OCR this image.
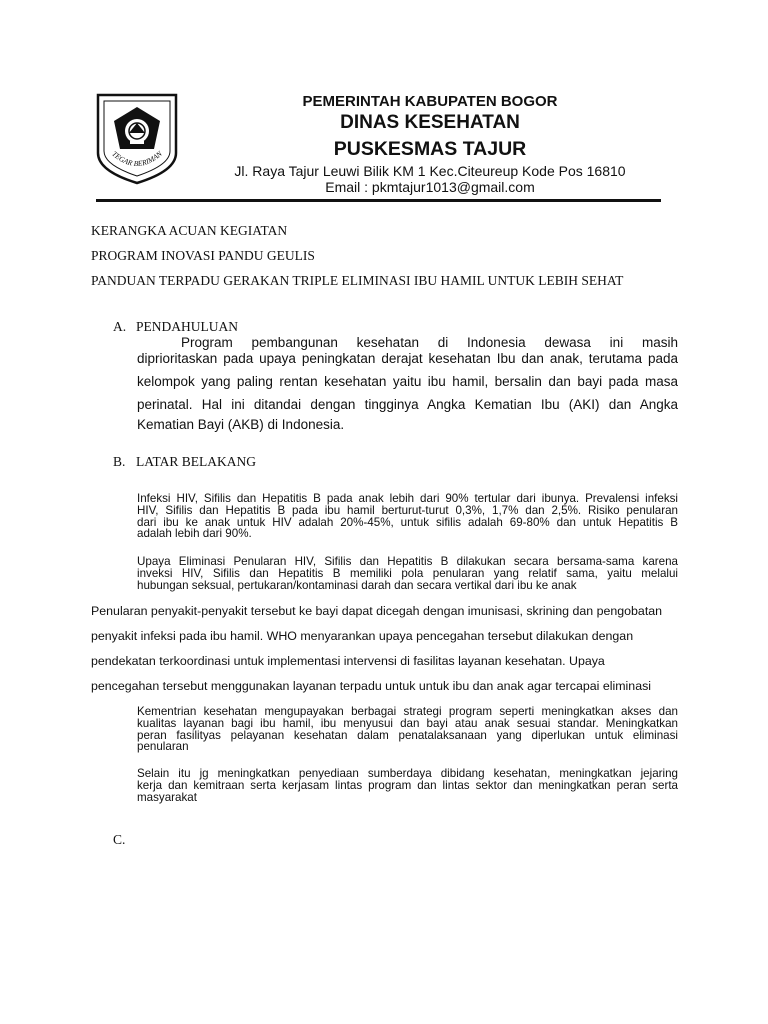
TEGAR BERIMAN
PEMERINTAH KABUPATEN BOGOR
DINAS KESEHATAN
PUSKESMAS TAJUR
Jl. Raya Tajur Leuwi Bilik KM 1 Kec.Citeureup Kode Pos 16810
Email : pkmtajur1013@gmail.com
KERANGKA ACUAN KEGIATAN
PROGRAM INOVASI PANDU GEULIS
PANDUAN TERPADU GERAKAN TRIPLE ELIMINASI IBU HAMIL UNTUK LEBIH SEHAT
A. PENDAHULUAN
Program pembangunan kesehatan di Indonesia dewasa ini masih
diprioritaskan pada upaya peningkatan derajat kesehatan Ibu dan anak, terutama pada
kelompok yang paling rentan kesehatan yaitu ibu hamil, bersalin dan bayi pada masa
perinatal. Hal ini ditandai dengan tingginya Angka Kematian Ibu (AKI) dan Angka
Kematian Bayi (AKB) di Indonesia.
B. LATAR BELAKANG
Infeksi HIV, Sifilis dan Hepatitis B pada anak lebih dari 90% tertular dari ibunya. Prevalensi infeksi
HIV, Sifilis dan Hepatitis B pada ibu hamil berturut-turut 0,3%, 1,7% dan 2,5%. Risiko penularan
dari ibu ke anak untuk HIV adalah 20%-45%, untuk sifilis adalah 69-80% dan untuk Hepatitis B
adalah lebih dari 90%.
Upaya Eliminasi Penularan HIV, Sifilis dan Hepatitis B dilakukan secara bersama-sama karena
inveksi HIV, Sifilis dan Hepatitis B memiliki pola penularan yang relatif sama, yaitu melalui
hubungan seksual, pertukaran/kontaminasi darah dan secara vertikal dari ibu ke anak
Penularan penyakit-penyakit tersebut ke bayi dapat dicegah dengan imunisasi, skrining dan pengobatan
penyakit infeksi pada ibu hamil. WHO menyarankan upaya pencegahan tersebut dilakukan dengan
pendekatan terkoordinasi untuk implementasi intervensi di fasilitas layanan kesehatan. Upaya
pencegahan tersebut menggunakan layanan terpadu untuk untuk ibu dan anak agar tercapai eliminasi
Kementrian kesehatan mengupayakan berbagai strategi program seperti meningkatkan akses dan
kualitas layanan bagi ibu hamil, ibu menyusui dan bayi atau anak sesuai standar. Meningkatkan
peran fasilityas pelayanan kesehatan dalam penatalaksanaan yang diperlukan untuk eliminasi
penularan
Selain itu jg meningkatkan penyediaan sumberdaya dibidang kesehatan, meningkatkan jejaring
kerja dan kemitraan serta kerjasam lintas program dan lintas sektor dan meningkatkan peran serta
masyarakat
C.
